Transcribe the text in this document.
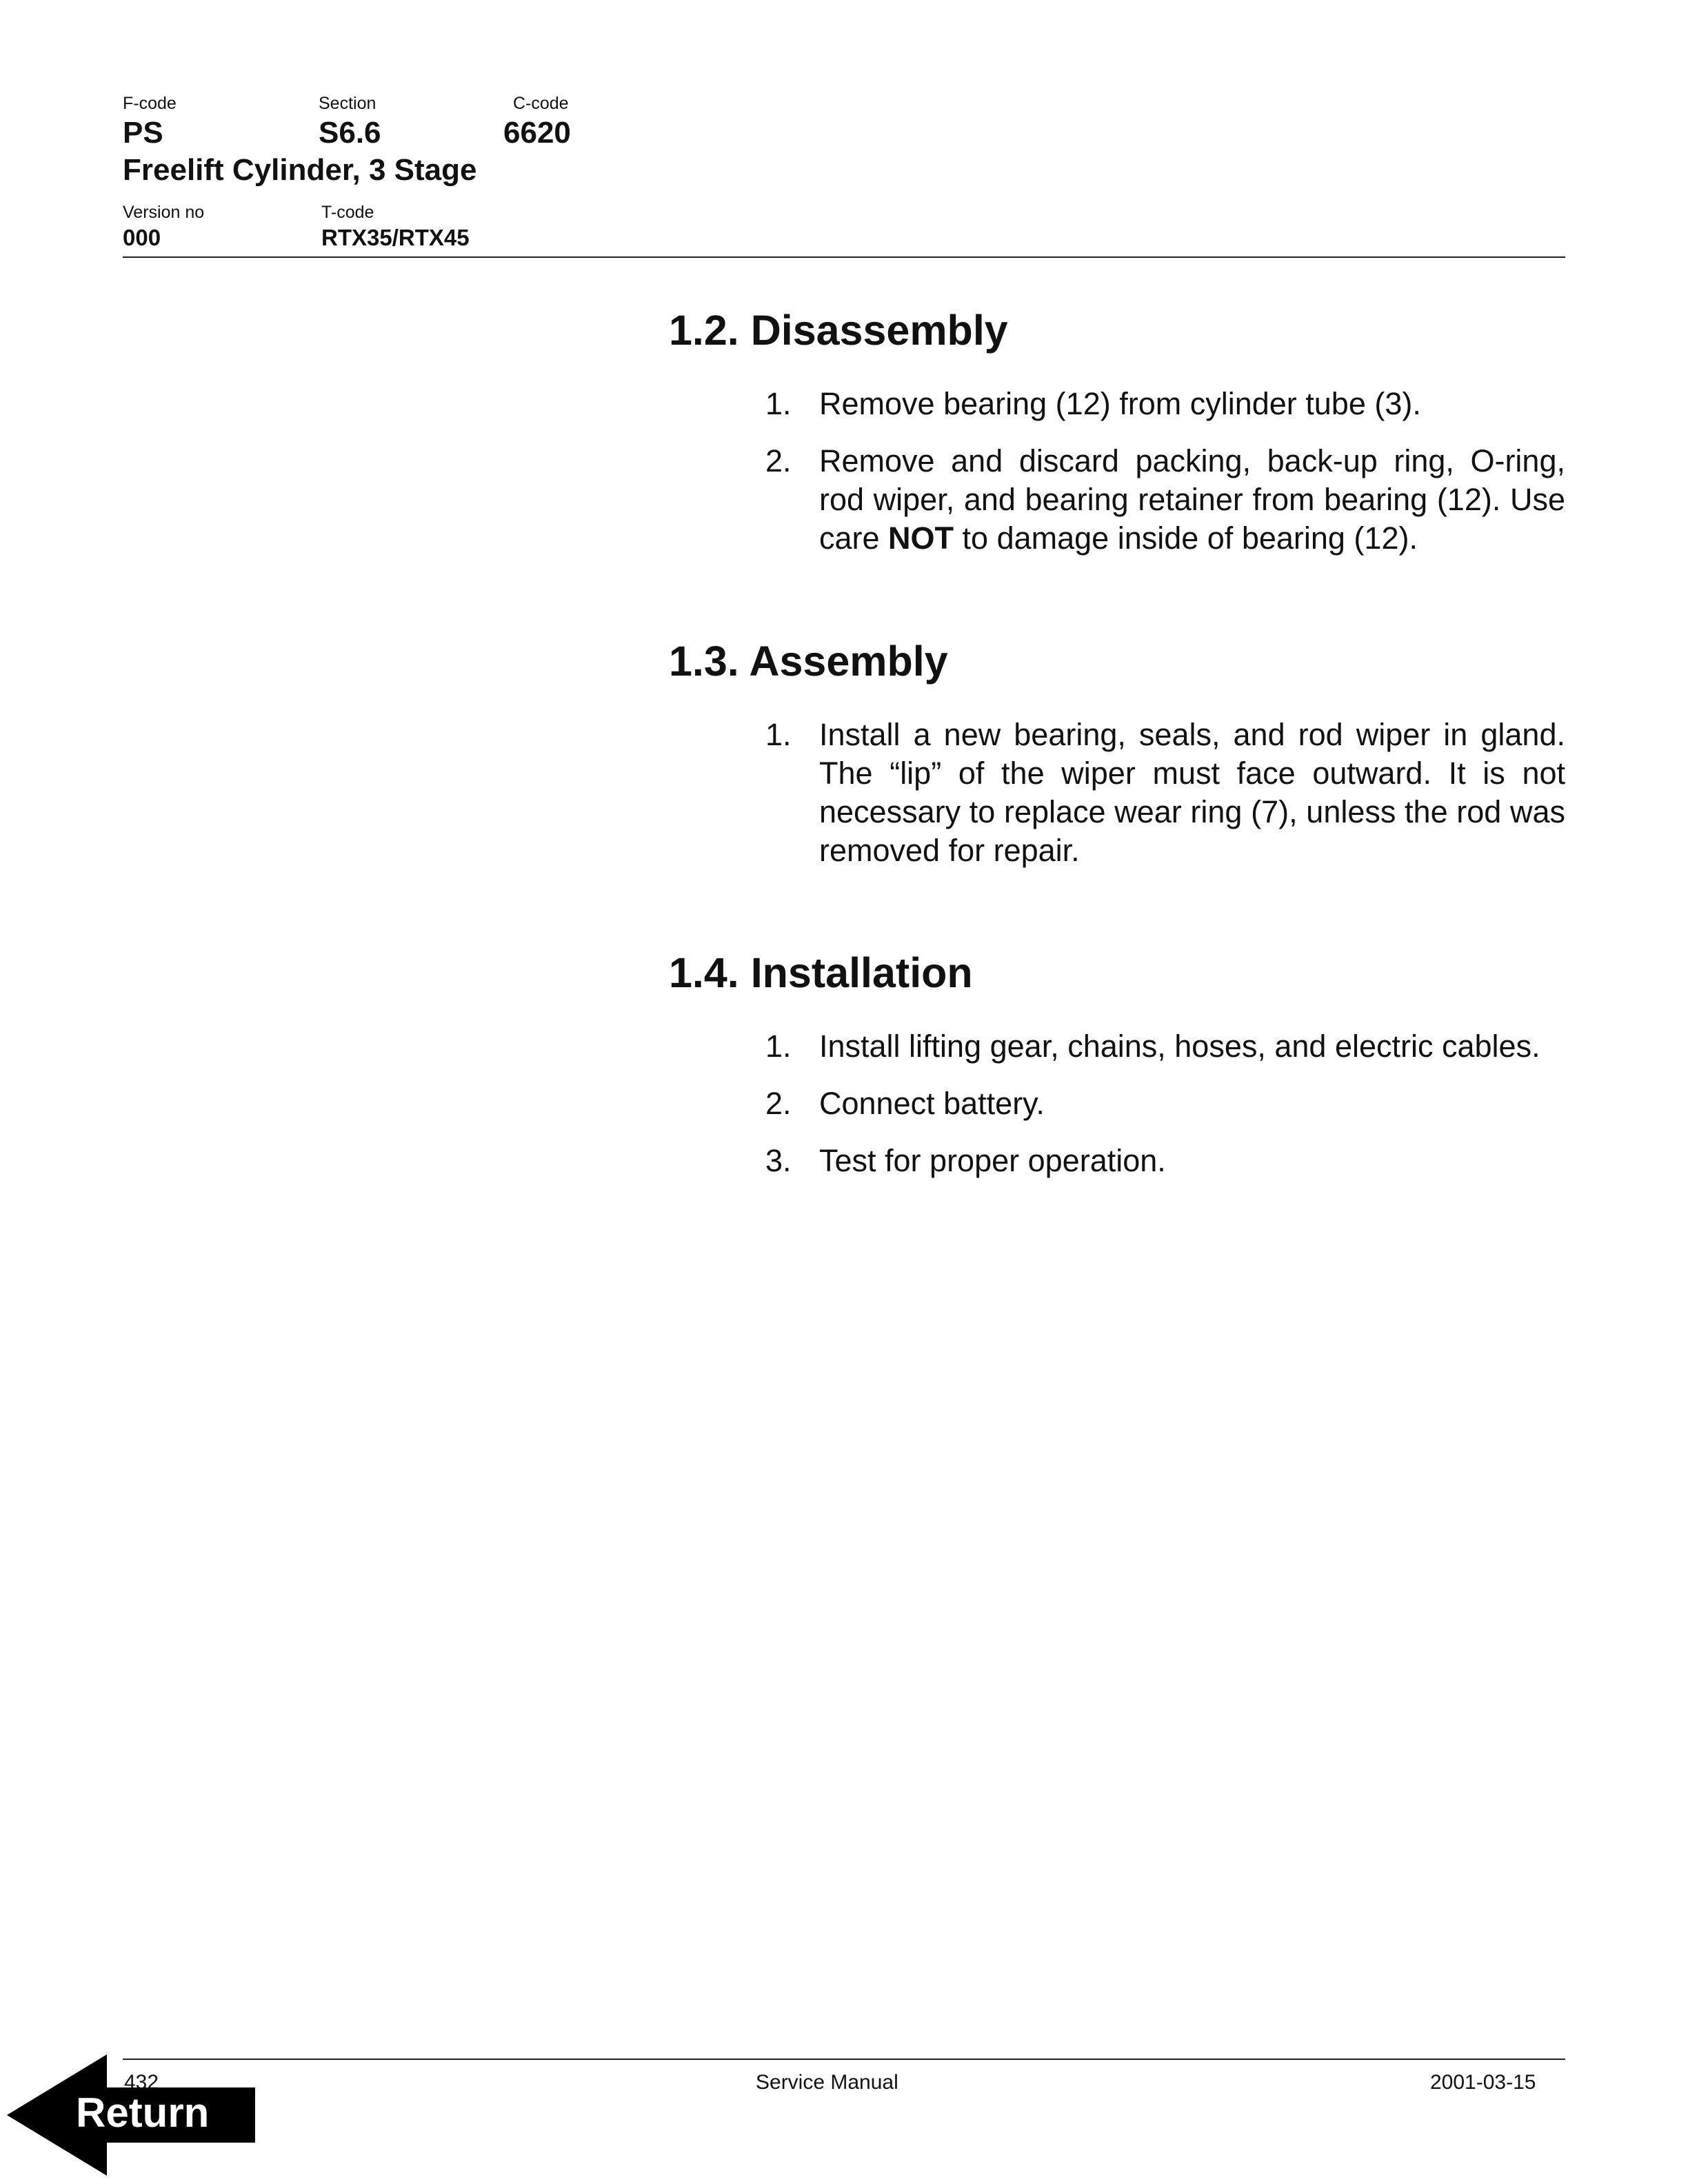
F-code	Section	C-code
PS	S6.6	6620
Freelift Cylinder, 3 Stage
Version no	T-code
000	RTX35/RTX45
1.2. Disassembly
1. Remove bearing (12) from cylinder tube (3).
2. Remove and discard packing, back-up ring, O-ring, rod wiper, and bearing retainer from bearing (12). Use care NOT to damage inside of bearing (12).
1.3. Assembly
1. Install a new bearing, seals, and rod wiper in gland. The “lip” of the wiper must face outward. It is not necessary to replace wear ring (7), unless the rod was removed for repair.
1.4. Installation
1. Install lifting gear, chains, hoses, and electric cables.
2. Connect battery.
3. Test for proper operation.
432	Service Manual	2001-03-15
Return
